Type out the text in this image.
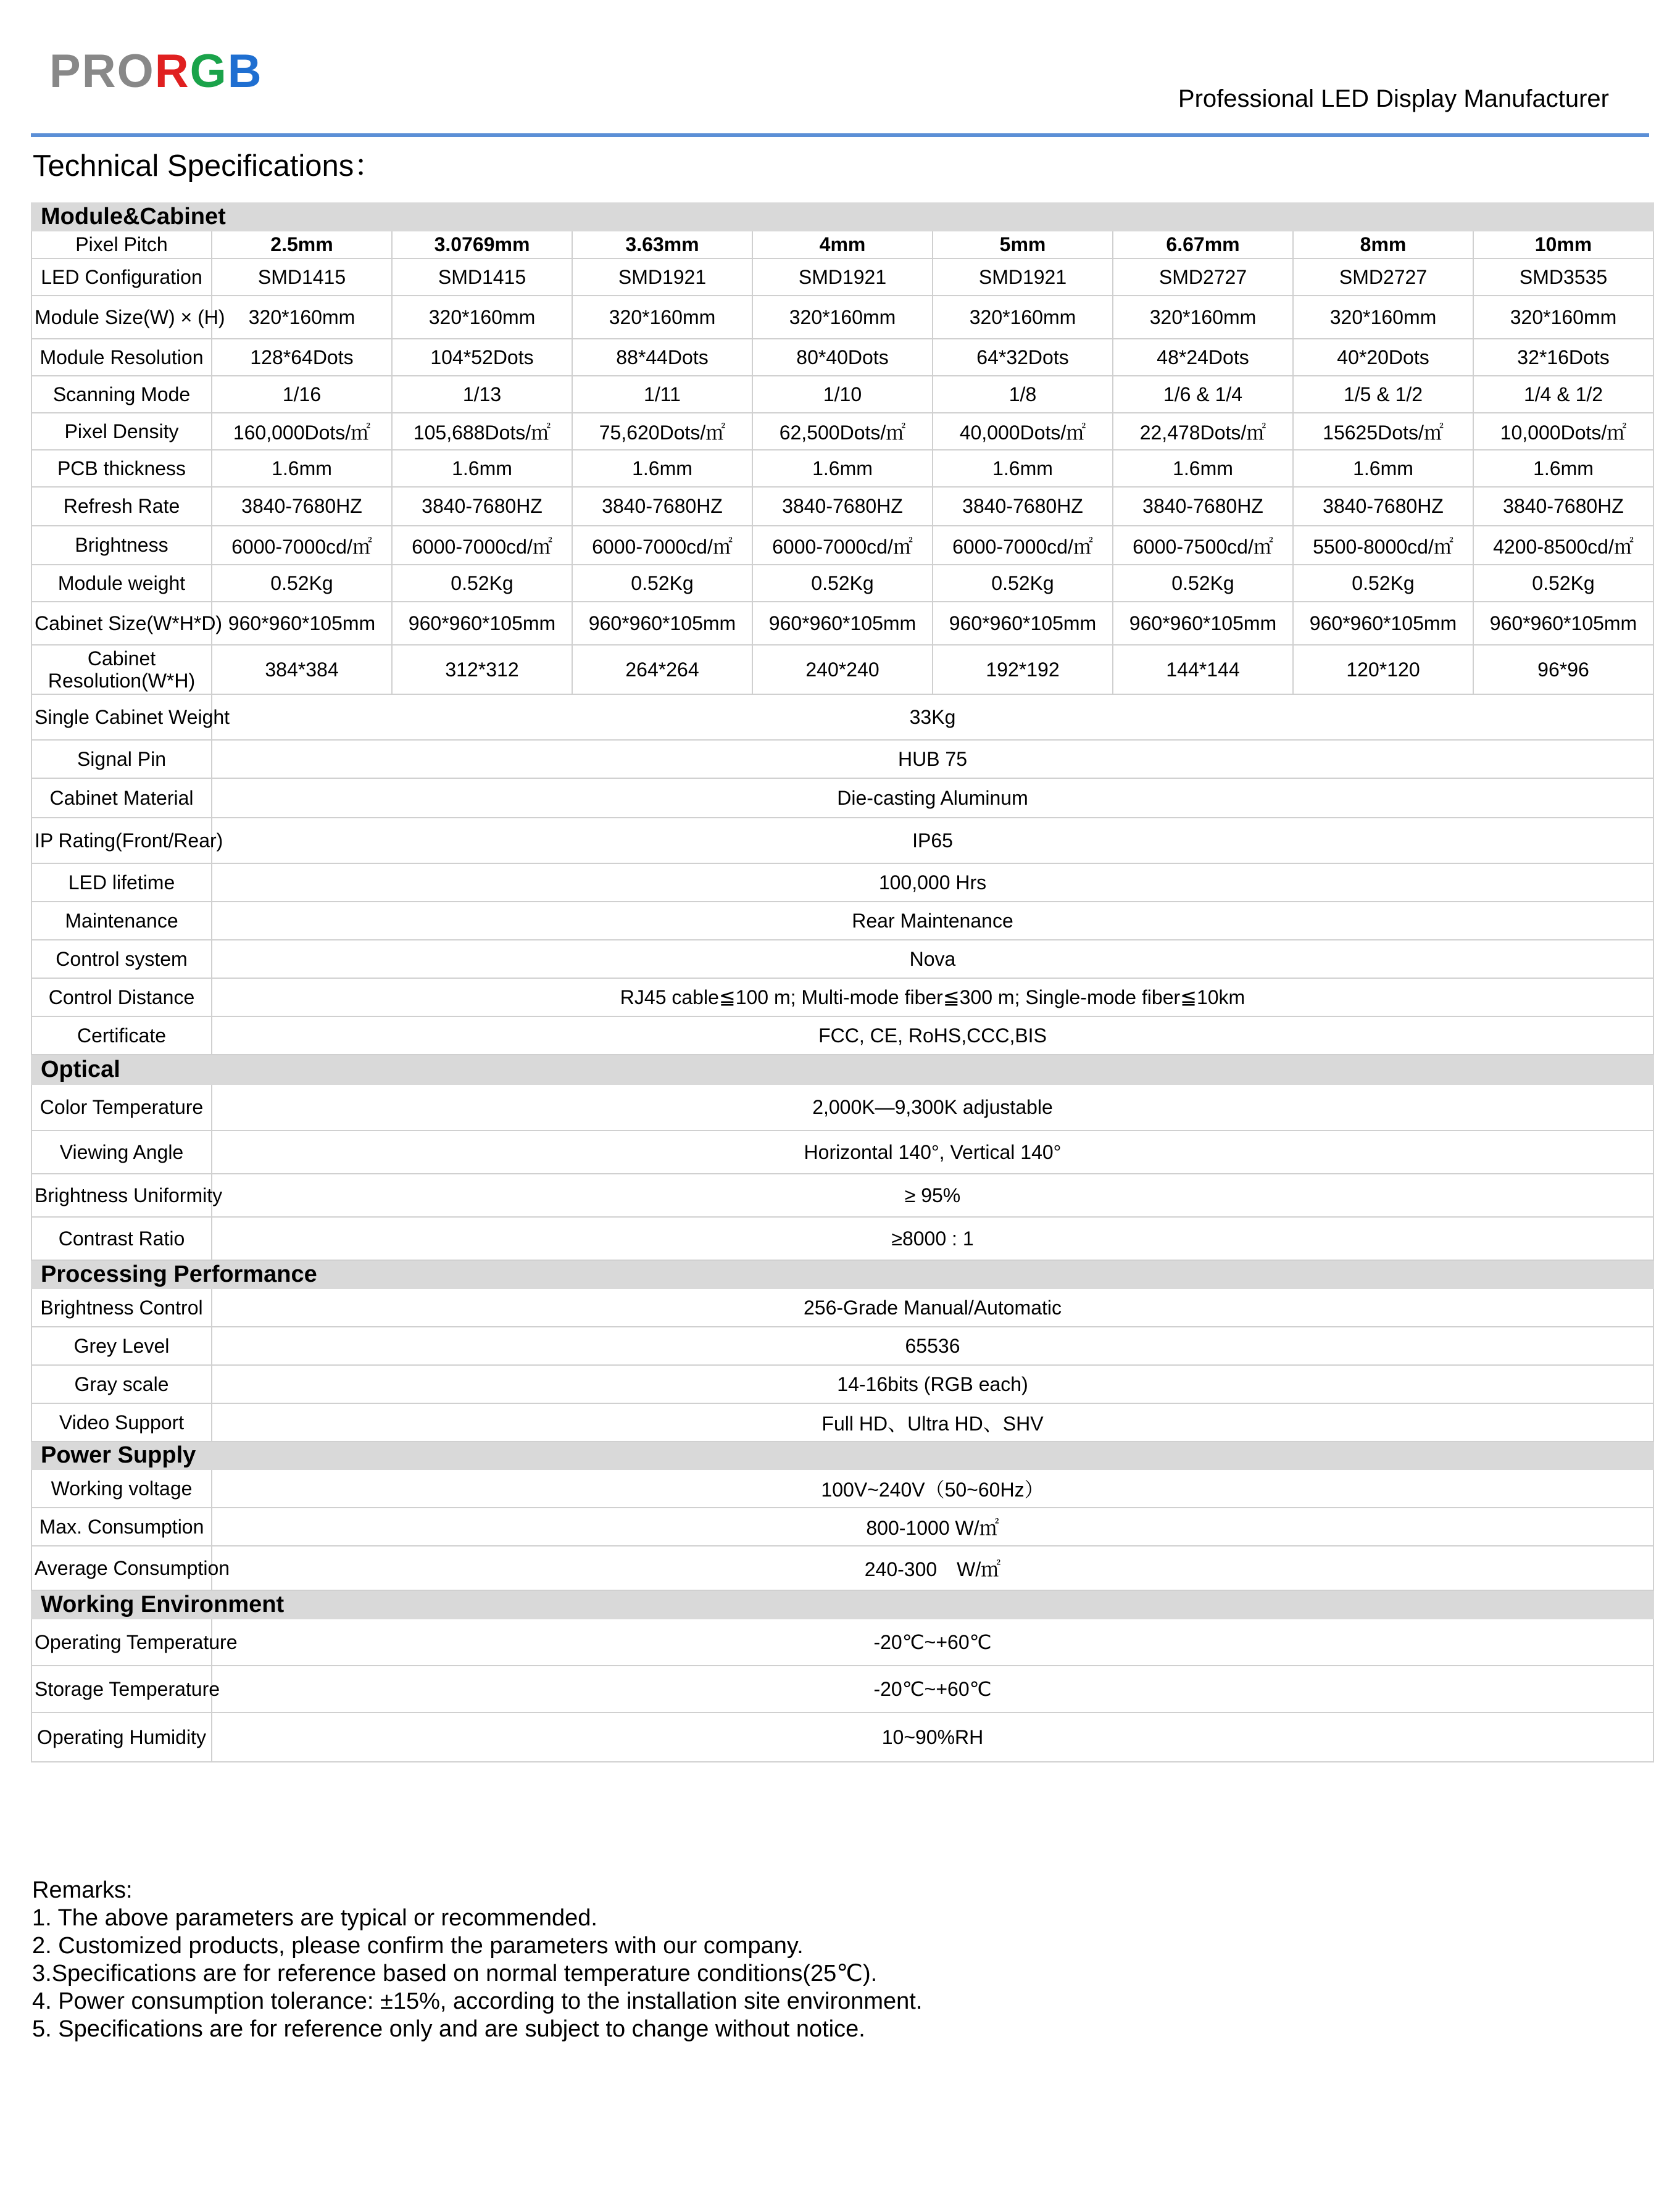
PRORGB
Professional LED Display Manufacturer
Technical Specifications：
Module&Cabinet								
Pixel Pitch	2.5mm	3.0769mm	3.63mm	4mm	5mm	6.67mm	8mm	10mm
LED Configuration	SMD1415	SMD1415	SMD1921	SMD1921	SMD1921	SMD2727	SMD2727	SMD3535
Module Size(W) × (H)	320*160mm	320*160mm	320*160mm	320*160mm	320*160mm	320*160mm	320*160mm	320*160mm
Module Resolution	128*64Dots	104*52Dots	88*44Dots	80*40Dots	64*32Dots	48*24Dots	40*20Dots	32*16Dots
Scanning Mode	1/16	1/13	1/11	1/10	1/8	1/6 & 1/4	1/5 & 1/2	1/4 & 1/2
Pixel Density	160,000Dots/㎡	105,688Dots/㎡	75,620Dots/㎡	62,500Dots/㎡	40,000Dots/㎡	22,478Dots/㎡	15625Dots/㎡	10,000Dots/㎡
PCB thickness	1.6mm	1.6mm	1.6mm	1.6mm	1.6mm	1.6mm	1.6mm	1.6mm
Refresh Rate	3840-7680HZ	3840-7680HZ	3840-7680HZ	3840-7680HZ	3840-7680HZ	3840-7680HZ	3840-7680HZ	3840-7680HZ
Brightness	6000-7000cd/㎡	6000-7000cd/㎡	6000-7000cd/㎡	6000-7000cd/㎡	6000-7000cd/㎡	6000-7500cd/㎡	5500-8000cd/㎡	4200-8500cd/㎡
Module weight	0.52Kg	0.52Kg	0.52Kg	0.52Kg	0.52Kg	0.52Kg	0.52Kg	0.52Kg
Cabinet Size(W*H*D)	960*960*105mm	960*960*105mm	960*960*105mm	960*960*105mm	960*960*105mm	960*960*105mm	960*960*105mm	960*960*105mm
Cabinet Resolution(W*H)	384*384	312*312	264*264	240*240	192*192	144*144	120*120	96*96
Single Cabinet Weight	33Kg							
Signal Pin	HUB 75							
Cabinet Material	Die-casting Aluminum							
IP Rating(Front/Rear)	IP65							
LED lifetime	100,000 Hrs							
Maintenance	Rear Maintenance							
Control system	Nova							
Control Distance	RJ45 cable≦100 m; Multi-mode fiber≦300 m; Single-mode fiber≦10km							
Certificate	FCC, CE, RoHS,CCC,BIS							
Optical								
Color Temperature	2,000K—9,300K adjustable							
Viewing Angle	Horizontal 140°, Vertical 140°							
Brightness Uniformity	≥ 95%							
Contrast Ratio	≥8000 : 1							
Processing Performance								
Brightness Control	256-Grade Manual/Automatic							
Grey Level	65536							
Gray scale	14-16bits (RGB each)							
Video Support	Full HD、Ultra HD、SHV							
Power Supply								
Working voltage	100V~240V（50~60Hz）							
Max. Consumption	800-1000 W/㎡							
Average Consumption	240-300　W/㎡							
Working Environment								
Operating Temperature	-20℃~+60℃							
Storage Temperature	-20℃~+60℃							
Operating Humidity	10~90%RH							
Remarks:
1. The above parameters are typical or recommended.
2. Customized products, please confirm the parameters with our company.
3.Specifications are for reference based on normal temperature conditions(25℃).
4. Power consumption tolerance: ±15%, according to the installation site environment.
5. Specifications are for reference only and are subject to change without notice.
